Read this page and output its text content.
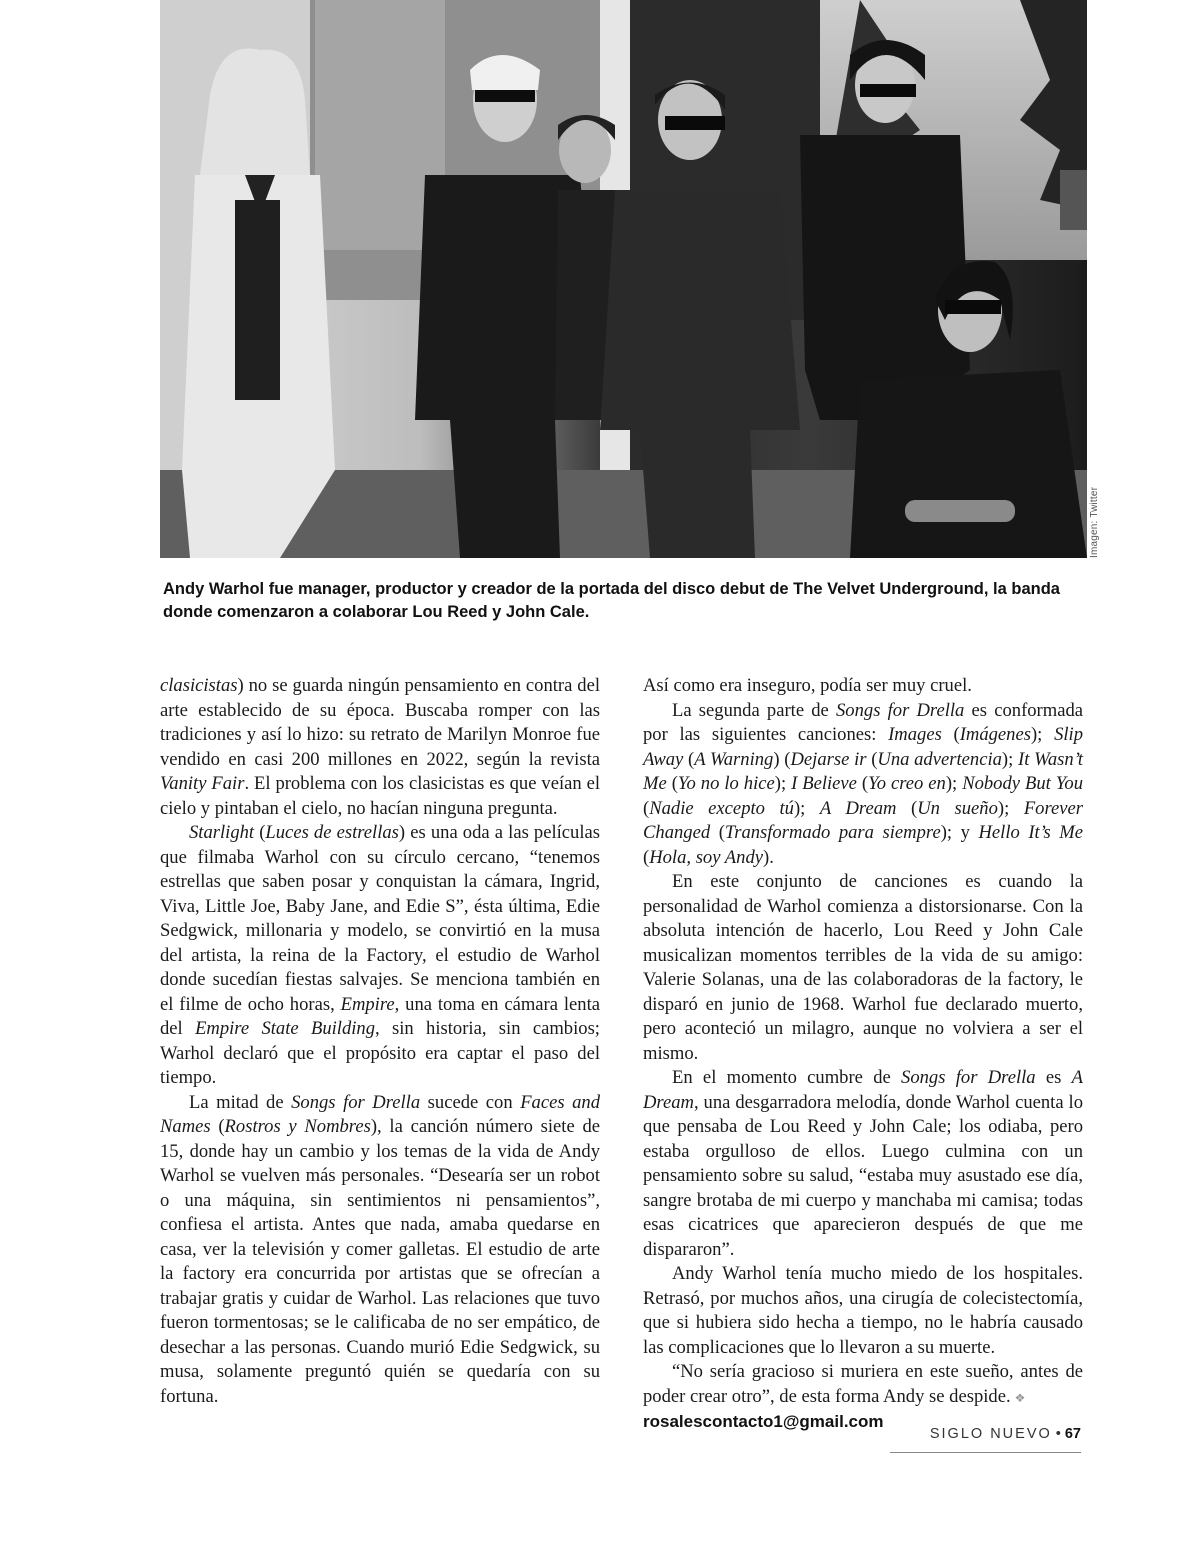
Imagen: Twitter
Andy Warhol fue manager, productor y creador de la portada del disco debut de The Velvet Underground, la banda donde comenzaron a colaborar Lou Reed y John Cale.

clasicistas) no se guarda ningún pensamiento en contra del arte establecido de su época. Buscaba romper con las tradiciones y así lo hizo: su retrato de Marilyn Monroe fue vendido en casi 200 millones en 2022, según la revista Vanity Fair. El problema con los clasicistas es que veían el cielo y pintaban el cielo, no hacían ninguna pregunta.

Starlight (Luces de estrellas) es una oda a las películas que filmaba Warhol con su círculo cercano, “tenemos estrellas que saben posar y conquistan la cámara, Ingrid, Viva, Little Joe, Baby Jane, and Edie S”, ésta última, Edie Sedgwick, millonaria y modelo, se convirtió en la musa del artista, la reina de la Factory, el estudio de Warhol donde sucedían fiestas salvajes. Se menciona también en el filme de ocho horas, Empire, una toma en cámara lenta del Empire State Building, sin historia, sin cambios; Warhol declaró que el propósito era captar el paso del tiempo.

La mitad de Songs for Drella sucede con Faces and Names (Rostros y Nombres), la canción número siete de 15, donde hay un cambio y los temas de la vida de Andy Warhol se vuelven más personales. “Desearía ser un robot o una máquina, sin sentimientos ni pensamientos”, confiesa el artista. Antes que nada, amaba quedarse en casa, ver la televisión y comer galletas. El estudio de arte la factory era concurrida por artistas que se ofrecían a trabajar gratis y cuidar de Warhol. Las relaciones que tuvo fueron tormentosas; se le calificaba de no ser empático, de desechar a las personas. Cuando murió Edie Sedgwick, su musa, solamente preguntó quién se quedaría con su fortuna.

Así como era inseguro, podía ser muy cruel.

La segunda parte de Songs for Drella es conformada por las siguientes canciones: Images (Imágenes); Slip Away (A Warning) (Dejarse ir (Una advertencia); It Wasn’t Me (Yo no lo hice); I Believe (Yo creo en); Nobody But You (Nadie excepto tú); A Dream (Un sueño); Forever Changed (Transformado para siempre); y Hello It’s Me (Hola, soy Andy).

En este conjunto de canciones es cuando la personalidad de Warhol comienza a distorsionarse. Con la absoluta intención de hacerlo, Lou Reed y John Cale musicalizan momentos terribles de la vida de su amigo: Valerie Solanas, una de las colaboradoras de la factory, le disparó en junio de 1968. Warhol fue declarado muerto, pero aconteció un milagro, aunque no volviera a ser el mismo.

En el momento cumbre de Songs for Drella es A Dream, una desgarradora melodía, donde Warhol cuenta lo que pensaba de Lou Reed y John Cale; los odiaba, pero estaba orgulloso de ellos. Luego culmina con un pensamiento sobre su salud, “estaba muy asustado ese día, sangre brotaba de mi cuerpo y manchaba mi camisa; todas esas cicatrices que aparecieron después de que me dispararon”.

Andy Warhol tenía mucho miedo de los hospitales. Retrasó, por muchos años, una cirugía de colecistectomía, que si hubiera sido hecha a tiempo, no le habría causado las complicaciones que lo llevaron a su muerte.

“No sería gracioso si muriera en este sueño, antes de poder crear otro”, de esta forma Andy se despide. ❖

rosalescontacto1@gmail.com

SIGLO NUEVO • 67
